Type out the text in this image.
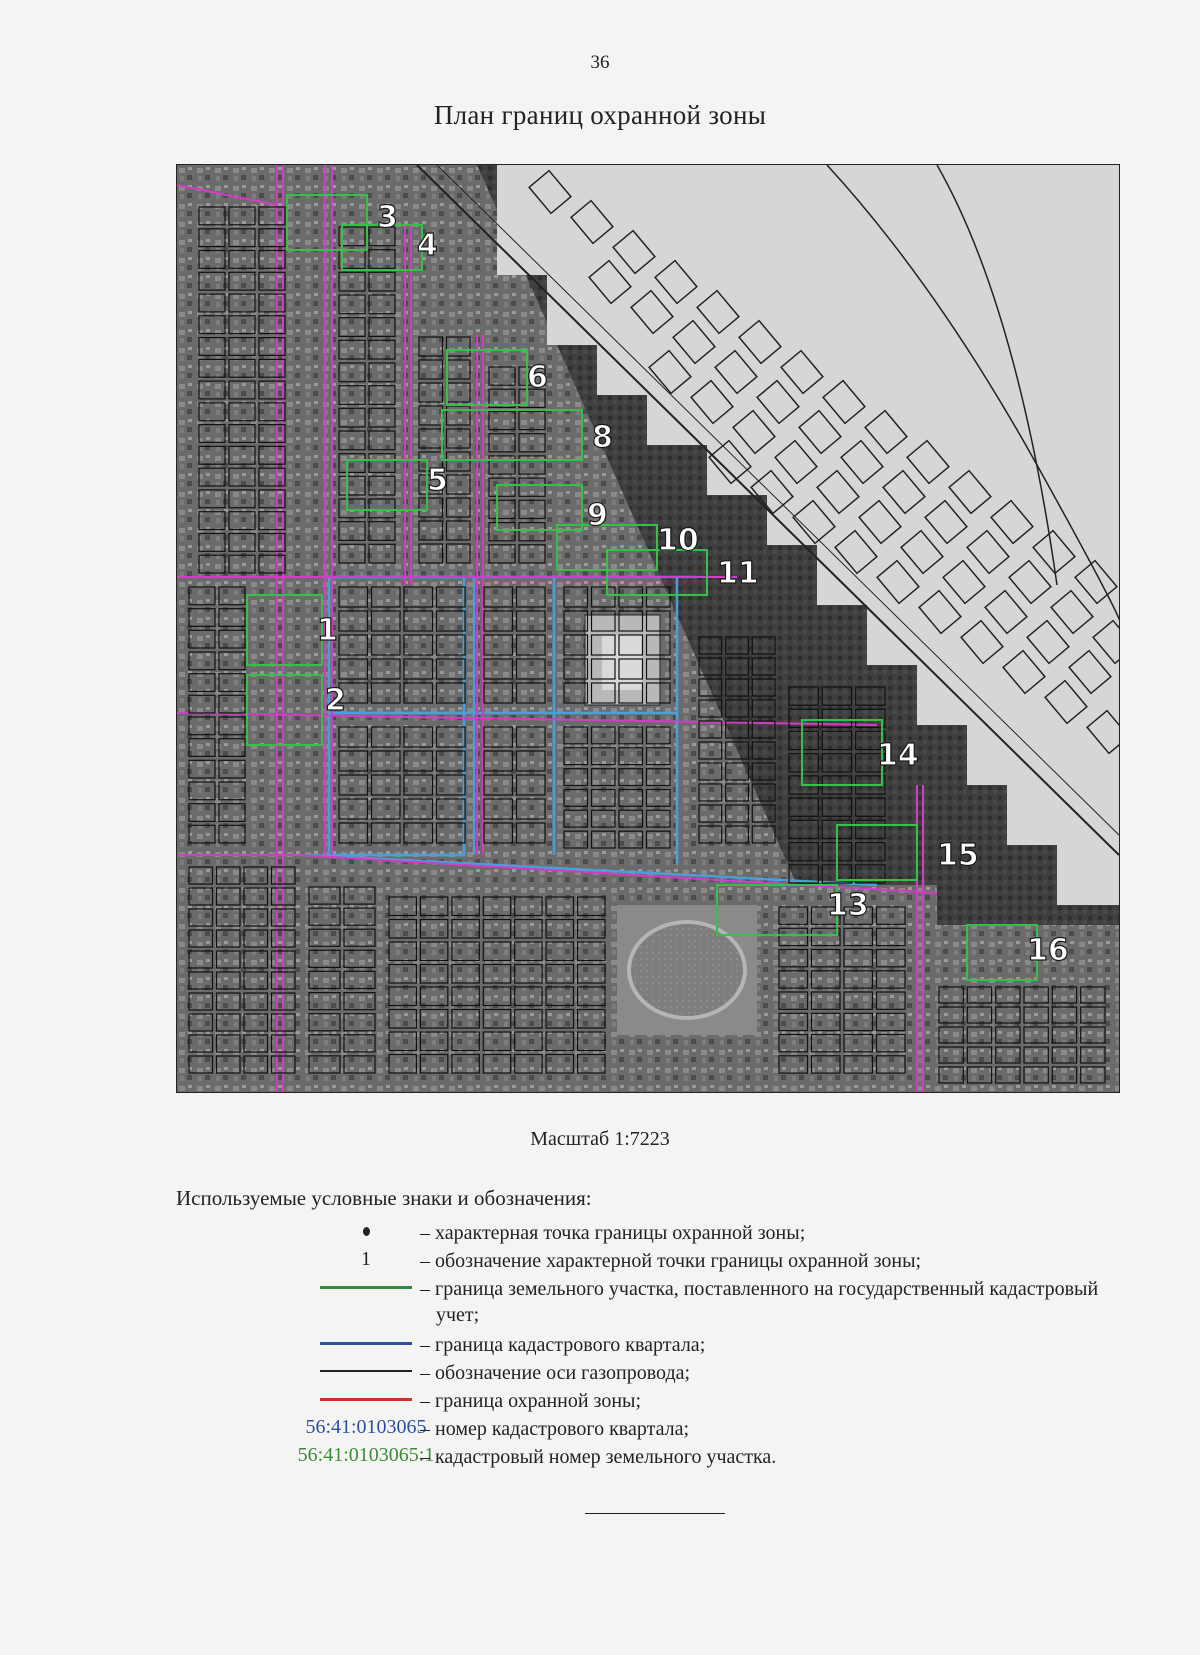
36
План границ охранной зоны
3
4
6
8
5
9
10
11
1
2
14
15
13
16
Масштаб 1:7223
Используемые условные знаки и обозначения:
– характерная точка границы охранной зоны;
1 – обозначение характерной точки границы охранной зоны;
– граница земельного участка, поставленного на государственный кадастровый учет;
– граница кадастрового квартала;
– обозначение оси газопровода;
– граница охранной зоны;
56:41:0103065
– номер кадастрового квартала;
56:41:0103065:1
– кадастровый номер земельного участка.
